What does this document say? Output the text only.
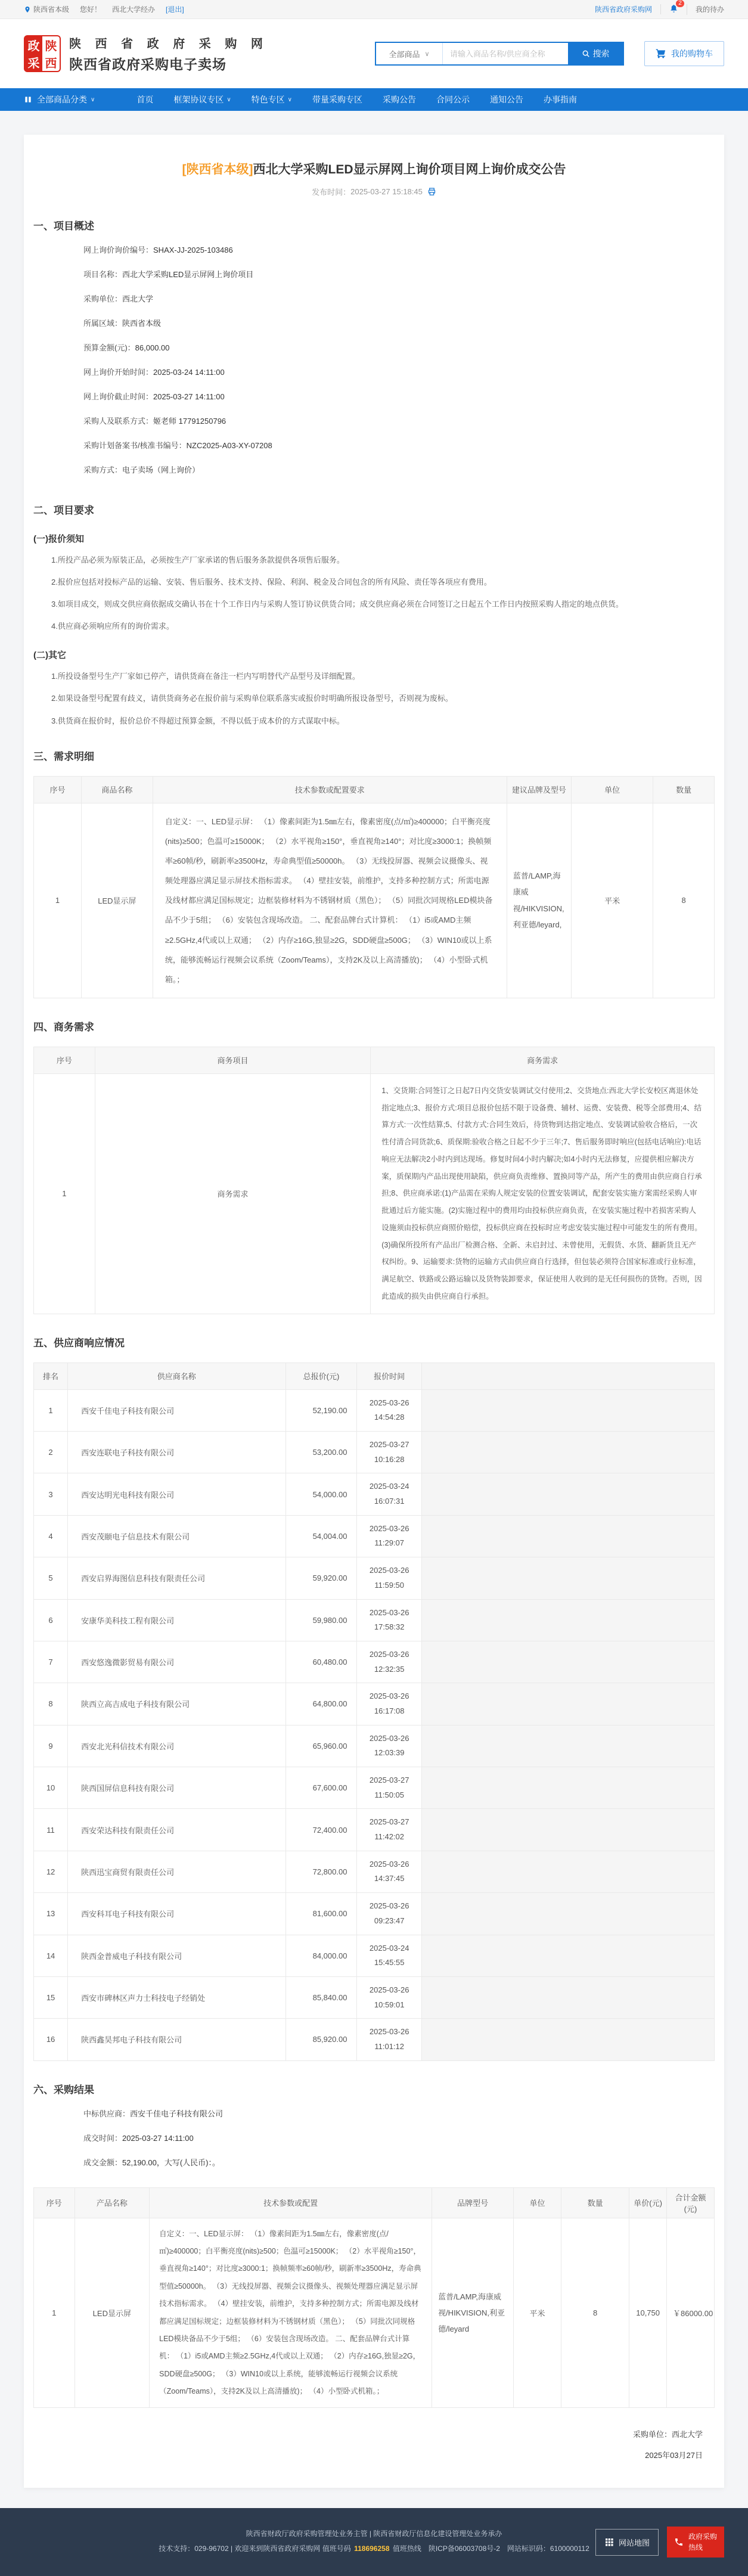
陕西省本级 您好！ 西北大学经办 [退出]	陕西省政府采购网
2
我的待办
政 陕
采 西
陕 西 省 政 府 采 购 网
陕西省政府采购电子卖场
全部商品 ∨
请输入商品名称/供应商全称	搜索	我的购物车
全部商品分类 ∨	首页 框架协议专区 ∨ 特色专区 ∨ 带量采购专区 采购公告 合同公示 通知公告 办事指南
[陕西省本级]西北大学采购LED显示屏网上询价项目网上询价成交公告
发布时间： 2025-03-27 15:18:45
一、项目概述
网上询价询价编号：SHAX-JJ-2025-103486
项目名称：西北大学采购LED显示屏网上询价项目
采购单位：西北大学
所属区域：陕西省本级
预算金额(元)：86,000.00
网上询价开始时间：2025-03-24 14:11:00
网上询价截止时间：2025-03-27 14:11:00
采购人及联系方式：姬老师 17791250796
采购计划备案书/核准书编号：NZC2025-A03-XY-07208
采购方式：电子卖场（网上询价）
二、项目要求
(一)报价须知

1.所投产品必须为原装正品，必须按生产厂家承诺的售后服务条款提供各项售后服务。

2.报价应包括对投标产品的运输、安装、售后服务、技术支持、保险、利润、税金及合同包含的所有风险、责任等各项应有费用。

3.如项目成交，则成交供应商依据成交确认书在十个工作日内与采购人签订协议供货合同；成交供应商必须在合同签订之日起五个工作日内按照采购人指定的地点供货。

4.供应商必须响应所有的询价需求。

(二)其它

1.所投设备型号生产厂家如已停产，请供货商在备注一栏内写明替代产品型号及详细配置。

2.如果设备型号配置有歧义，请供货商务必在报价前与采购单位联系落实或报价时明确所报设备型号，否则视为废标。

3.供货商在报价时，报价总价不得超过预算金额，不得以低于成本价的方式谋取中标。

三、需求明细
序号	商品名称	技术参数或配置要求	建议品牌及型号	单位	数量
1	LED显示屏	自定义：一、LED显示屏： （1）像素间距为1.5㎜左右，像素密度(点/㎡)≥400000；白平衡亮度(nits)≥500；色温可≥15000K； （2）水平视角≥150°，垂直视角≥140°；对比度≥3000:1；换帧频率≥60帧/秒，刷新率≥3500Hz，寿命典型值≥50000h。 （3）无线投屏器、视频会议摄像头、视频处理器应满足显示屏技术指标需求。 （4）壁挂安装，前维护，支持多种控制方式；所需电源及线材都应满足国标规定；边框装修材料为不锈钢材质（黑色）； （5）同批次同规格LED模块备品不少于5组； （6）安装包含现场改造。 二、配套品牌台式计算机： （1）i5或AMD主频≥2.5GHz,4代或以上双通； （2）内存≥16G,独显≥2G，SDD硬盘≥500G； （3）WIN10或以上系统，能够流畅运行视频会议系统（Zoom/Teams），支持2K及以上高清播放)； （4）小型卧式机箱。；	蓝普/LAMP,海康威视/HIKVISION,利亚德/leyard,	平米	8
四、商务需求
序号	商务项目	商务需求
1	商务需求	1、交货期:合同签订之日起7日内交货安装调试交付使用;2、交货地点:西北大学长安校区离退休处指定地点;3、报价方式:项目总报价包括不限于设备费、辅材、运费、安装费、税等全部费用;4、结算方式:一次性结算;5、付款方式:合同生效后，待货物到达指定地点、安装调试验收合格后，一次性付清合同货款;6、质保期:验收合格之日起不少于三年;7、售后服务即时响应(包括电话响应):电话响应无法解决2小时内到达现场。修复时间4小时内解决;如4小时内无法修复，应提供相应解决方案，质保期内产品出现使用缺陷，供应商负责维修、置换同等产品，所产生的费用由供应商自行承担;8、供应商承诺:(1)产品需在采购人规定安装的位置安装调试，配套安装实施方案需经采购人审批通过后方能实施。(2)实施过程中的费用均由投标供应商负责，在安装实施过程中若损害采购人设施须由投标供应商照价赔偿，投标供应商在投标时应考虑安装实施过程中可能发生的所有费用。(3)确保所投所有产品出厂检测合格、全新、未启封过、未曾使用，无假货、水货、翻新货且无产权纠纷。9、运输要求:货物的运输方式由供应商自行选择，但包装必须符合国家标准或行业标准，满足航空、铁路或公路运输以及货物装卸要求，保证使用人收到的是无任何损伤的货物。否则，因此造成的损失由供应商自行承担。
五、供应商响应情况
排名	供应商名称	总报价(元)	报价时间	
1	西安千佳电子科技有限公司	52,190.00	2025-03-26
14:54:28	

2	西安连联电子科技有限公司	53,200.00	2025-03-27
10:16:28	

3	西安达明光电科技有限公司	54,000.00	2025-03-24
16:07:31	

4	西安茂颐电子信息技术有限公司	54,004.00	2025-03-26
11:29:07	

5	西安启界海图信息科技有限责任公司	59,920.00	2025-03-26
11:59:50	

6	安康华美科技工程有限公司	59,980.00	2025-03-26
17:58:32	

7	西安悠逸微影贸易有限公司	60,480.00	2025-03-26
12:32:35	

8	陕西立高吉成电子科技有限公司	64,800.00	2025-03-26
16:17:08	

9	西安北光科信技术有限公司	65,960.00	2025-03-26
12:03:39	

10	陕西国屏信息科技有限公司	67,600.00	2025-03-27
11:50:05	

11	西安荣达科技有限责任公司	72,400.00	2025-03-27
11:42:02	

12	陕西迅宝商贸有限责任公司	72,800.00	2025-03-26
14:37:45	

13	西安科耳电子科技有限公司	81,600.00	2025-03-26
09:23:47	

14	陕西金普威电子科技有限公司	84,000.00	2025-03-24
15:45:55	

15	西安市碑林区声力士科技电子经销处	85,840.00	2025-03-26
10:59:01	

16	陕西鑫昊邦电子科技有限公司	85,920.00	2025-03-26
11:01:12	

六、采购结果
中标供应商：西安千佳电子科技有限公司
成交时间：2025-03-27 14:11:00
成交金额：52,190.00，大写(人民币)：。
序号	产品名称	技术参数或配置	品牌型号	单位	数量	单价(元)	合计金额(元)
1	LED显示屏	自定义：一、LED显示屏： （1）像素间距为1.5㎜左右，像素密度(点/㎡)≥400000；白平衡亮度(nits)≥500；色温可≥15000K； （2）水平视角≥150°，垂直视角≥140°；对比度≥3000:1；换帧频率≥60帧/秒，刷新率≥3500Hz，寿命典型值≥50000h。 （3）无线投屏器、视频会议摄像头、视频处理器应满足显示屏技术指标需求。 （4）壁挂安装，前维护，支持多种控制方式；所需电源及线材都应满足国标规定；边框装修材料为不锈钢材质（黑色）； （5）同批次同规格LED模块备品不少于5组； （6）安装包含现场改造。 二、配套品牌台式计算机： （1）i5或AMD主频≥2.5GHz,4代或以上双通； （2）内存≥16G,独显≥2G，SDD硬盘≥500G； （3）WIN10或以上系统，能够流畅运行视频会议系统（Zoom/Teams），支持2K及以上高清播放)； （4）小型卧式机箱。；	蓝普/LAMP,海康威视/HIKVISION,利亚德/leyard	平米	8	10,750	￥86000.00
采购单位：西北大学
2025年03月27日

陕西省财政厅政府采购管理处业务主管 | 陕西省财政厅信息化建设管理处业务承办

技术支持：029-96702 | 欢迎来到陕西省政府采购网 值班号码 118696258 值班热线　陕ICP备06003708号-2　网站标识码：6100000112

网站地图
政府采购
热线
